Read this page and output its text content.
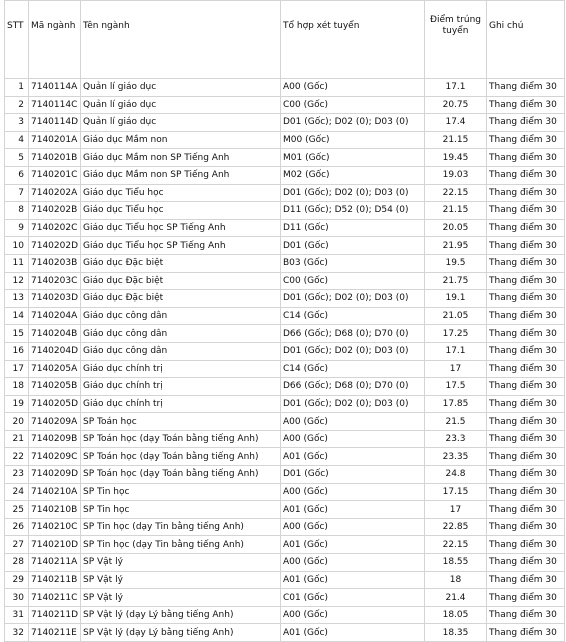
STT	Mã ngành	Tên ngành	Tổ hợp xét tuyển	Điểm trúng tuyển	Ghi chú
1	7140114A	Quản lí giáo dục	A00 (Gốc)	17.1	Thang điểm 30
2	7140114C	Quản lí giáo dục	C00 (Gốc)	20.75	Thang điểm 30
3	7140114D	Quản lí giáo dục	D01 (Gốc); D02 (0); D03 (0)	17.4	Thang điểm 30
4	7140201A	Giáo dục Mầm non	M00 (Gốc)	21.15	Thang điểm 30
5	7140201B	Giáo dục Mầm non SP Tiếng Anh	M01 (Gốc)	19.45	Thang điểm 30
6	7140201C	Giáo dục Mầm non SP Tiếng Anh	M02 (Gốc)	19.03	Thang điểm 30
7	7140202A	Giáo dục Tiểu học	D01 (Gốc); D02 (0); D03 (0)	22.15	Thang điểm 30
8	7140202B	Giáo dục Tiểu học	D11 (Gốc); D52 (0); D54 (0)	21.15	Thang điểm 30
9	7140202C	Giáo dục Tiểu học SP Tiếng Anh	D11 (Gốc)	20.05	Thang điểm 30
10	7140202D	Giáo dục Tiểu học SP Tiếng Anh	D01 (Gốc)	21.95	Thang điểm 30
11	7140203B	Giáo dục Đặc biệt	B03 (Gốc)	19.5	Thang điểm 30
12	7140203C	Giáo dục Đặc biệt	C00 (Gốc)	21.75	Thang điểm 30
13	7140203D	Giáo dục Đặc biệt	D01 (Gốc); D02 (0); D03 (0)	19.1	Thang điểm 30
14	7140204A	Giáo dục công dân	C14 (Gốc)	21.05	Thang điểm 30
15	7140204B	Giáo dục công dân	D66 (Gốc); D68 (0); D70 (0)	17.25	Thang điểm 30
16	7140204D	Giáo dục công dân	D01 (Gốc); D02 (0); D03 (0)	17.1	Thang điểm 30
17	7140205A	Giáo dục chính trị	C14 (Gốc)	17	Thang điểm 30
18	7140205B	Giáo dục chính trị	D66 (Gốc); D68 (0); D70 (0)	17.5	Thang điểm 30
19	7140205D	Giáo dục chính trị	D01 (Gốc); D02 (0); D03 (0)	17.85	Thang điểm 30
20	7140209A	SP Toán học	A00 (Gốc)	21.5	Thang điểm 30
21	7140209B	SP Toán học (dạy Toán bằng tiếng Anh)	A00 (Gốc)	23.3	Thang điểm 30
22	7140209C	SP Toán học (dạy Toán bằng tiếng Anh)	A01 (Gốc)	23.35	Thang điểm 30
23	7140209D	SP Toán học (dạy Toán bằng tiếng Anh)	D01 (Gốc)	24.8	Thang điểm 30
24	7140210A	SP Tin học	A00 (Gốc)	17.15	Thang điểm 30
25	7140210B	SP Tin học	A01 (Gốc)	17	Thang điểm 30
26	7140210C	SP Tin học (dạy Tin bằng tiếng Anh)	A00 (Gốc)	22.85	Thang điểm 30
27	7140210D	SP Tin học (dạy Tin bằng tiếng Anh)	A01 (Gốc)	22.15	Thang điểm 30
28	7140211A	SP Vật lý	A00 (Gốc)	18.55	Thang điểm 30
29	7140211B	SP Vật lý	A01 (Gốc)	18	Thang điểm 30
30	7140211C	SP Vật lý	C01 (Gốc)	21.4	Thang điểm 30
31	7140211D	SP Vật lý (dạy Lý bằng tiếng Anh)	A00 (Gốc)	18.05	Thang điểm 30
32	7140211E	SP Vật lý (dạy Lý bằng tiếng Anh)	A01 (Gốc)	18.35	Thang điểm 30
